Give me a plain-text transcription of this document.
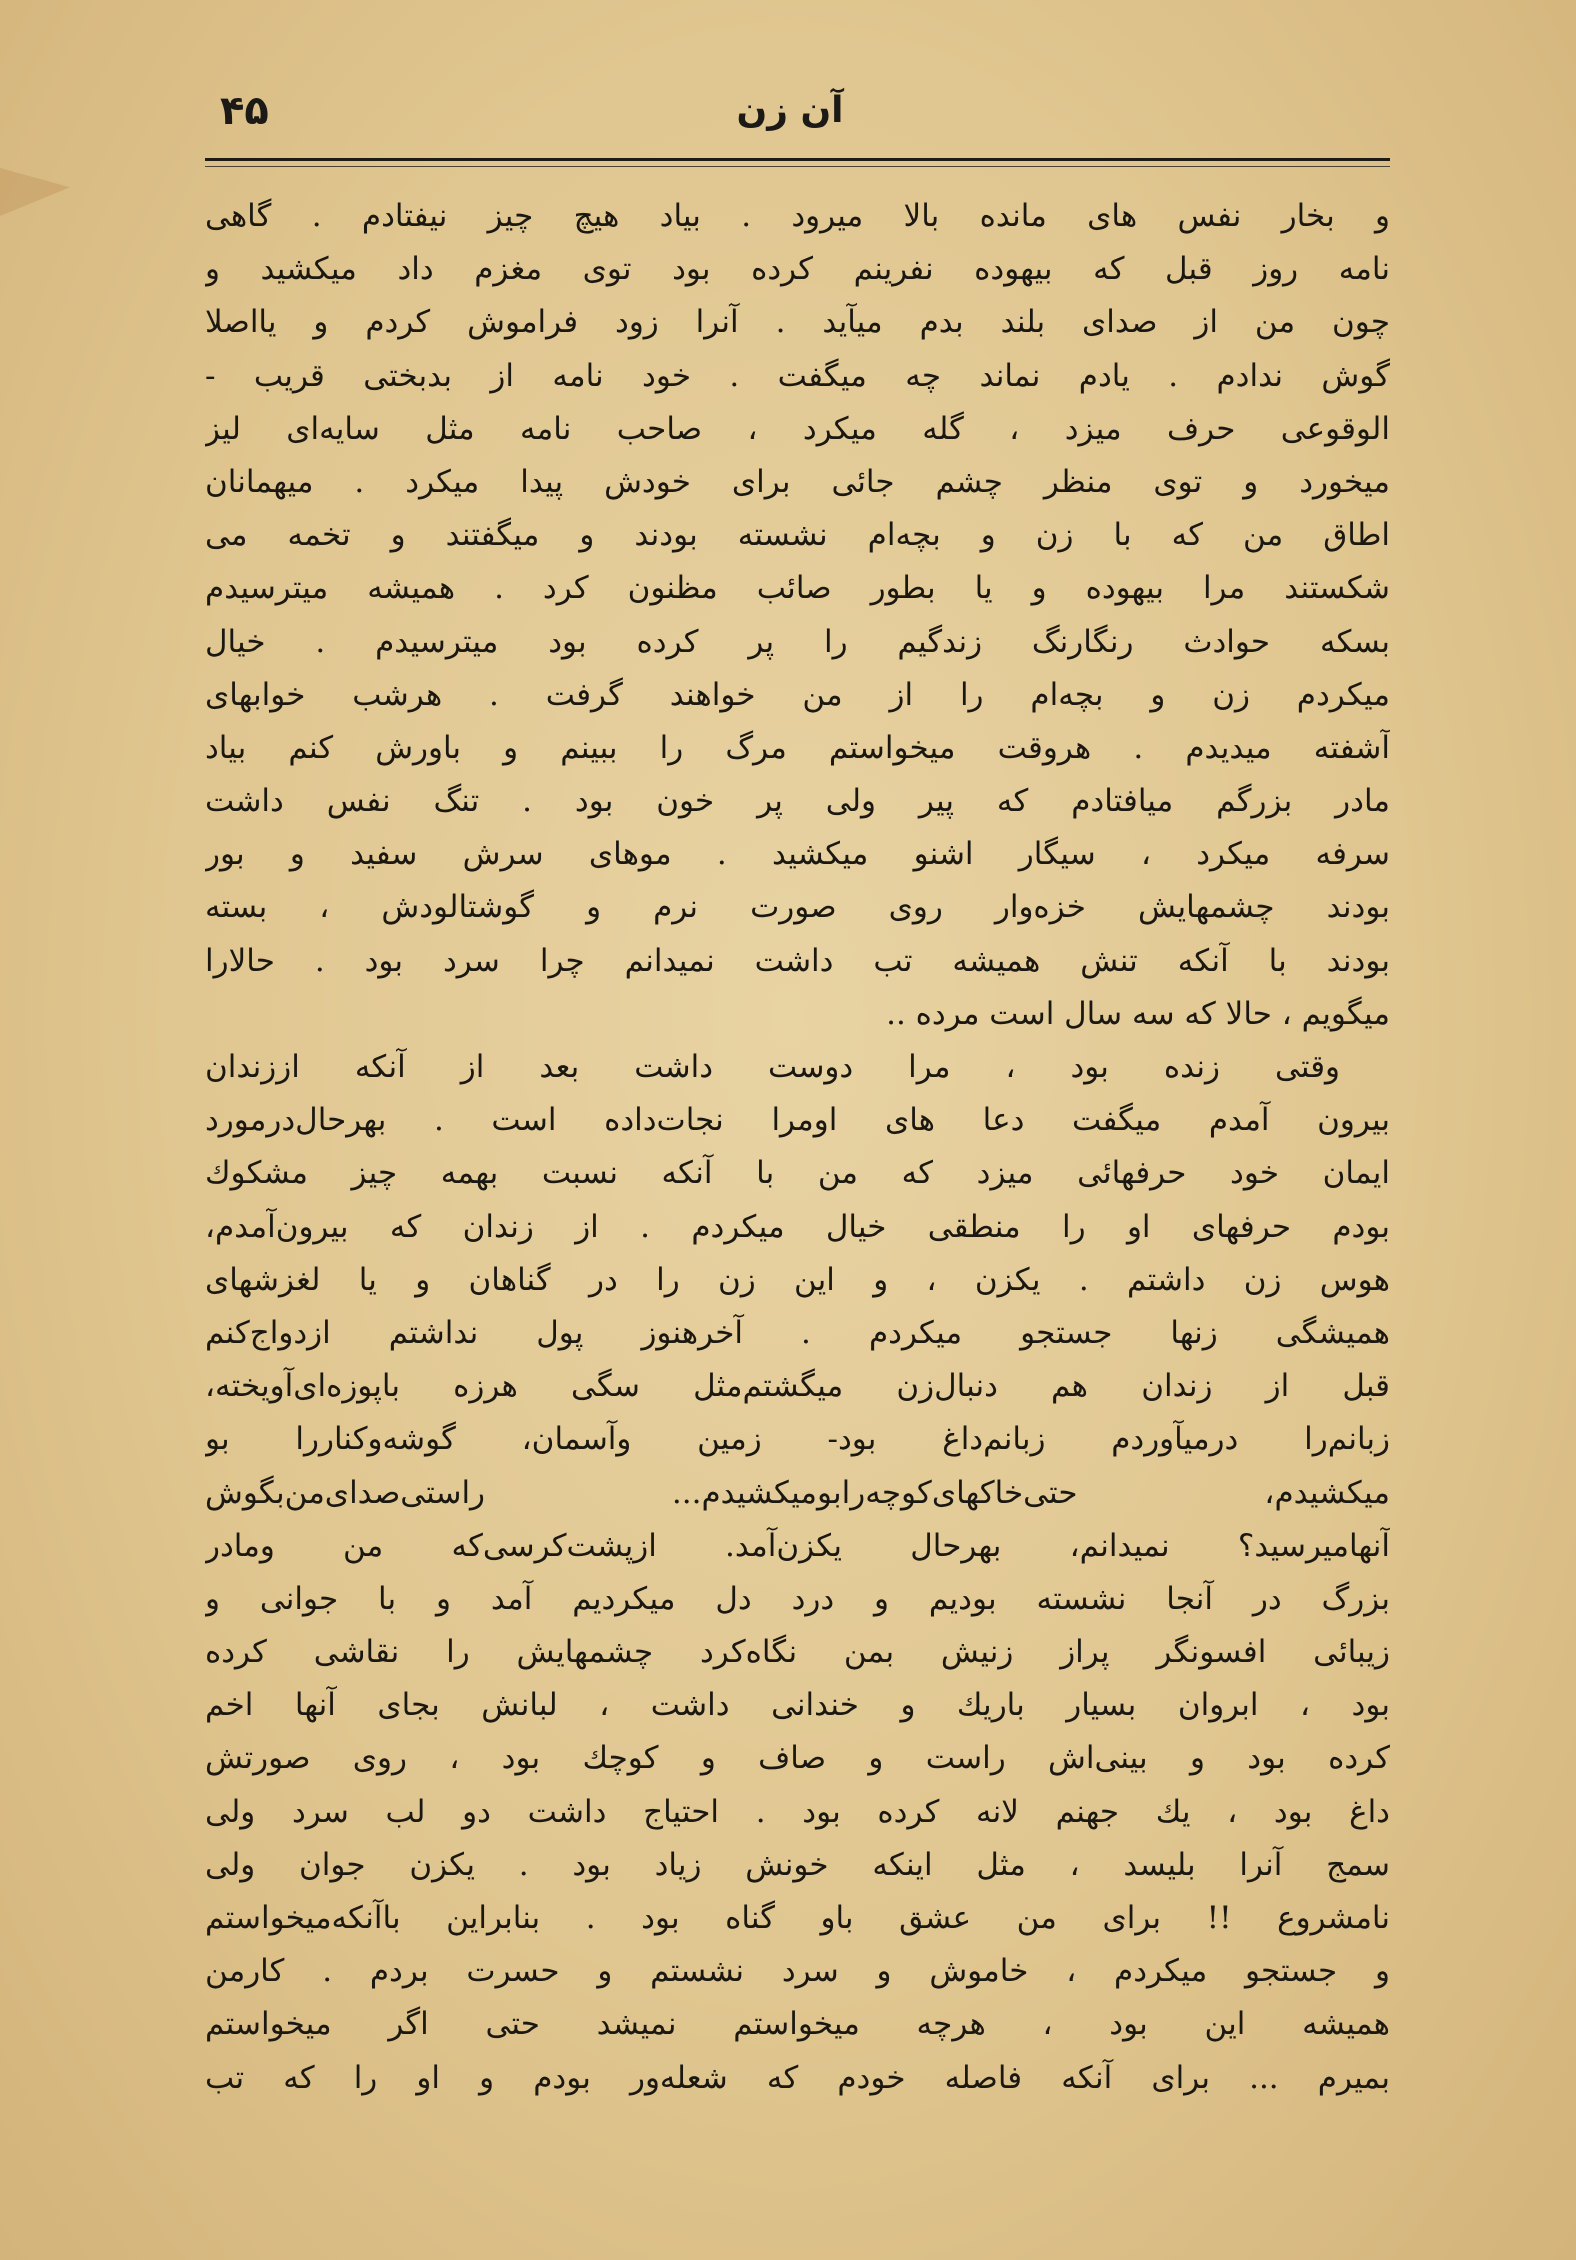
۴۵	آن زن
و بخار نفس های مانده بالا میرود . بیاد هیچ چیز نیفتادم . گاهی
نامه روز قبل که بیهوده نفرینم کرده بود توی مغزم داد میکشید و
چون من از صدای بلند بدم میآید . آنرا زود فراموش کردم و یااصلا
گوش ندادم . یادم نماند چه میگفت . خود نامه از بدبختی قریب -
الوقوعی حرف میزد ، گله میکرد ، صاحب نامه مثل سایه‌ای لیز
میخورد و توی منظر چشم جائی برای خودش پیدا میکرد . میهمانان
اطاق من که با زن و بچه‌ام نشسته بودند و میگفتند و تخمه می
شکستند مرا بیهوده و یا بطور صائب مظنون کرد . همیشه میترسیدم
بسکه حوادث رنگارنگ زندگیم را پر کرده بود میترسیدم . خیال
میکردم زن و بچه‌ام را از من خواهند گرفت . هرشب خوابهای
آشفته میدیدم . هروقت میخواستم مرگ را ببینم و باورش کنم بیاد
مادر بزرگم میافتادم که پیر ولی پر خون بود . تنگ نفس داشت
سرفه میکرد ، سیگار اشنو میکشید . موهای سرش سفید و بور
بودند چشمهایش خزه‌وار روی صورت نرم و گوشتالودش ، بسته
بودند با آنکه تنش همیشه تب داشت نمیدانم چرا سرد بود . حالارا
میگویم ، حالا که سه سال است مرده ..
وقتی زنده بود ، مرا دوست داشت بعد از آنکه اززندان
بیرون آمدم میگفت دعا های اومرا نجات‌داده است . بهرحال‌درمورد
ایمان خود حرفهائی میزد که من با آنکه نسبت بهمه چیز مشکوك
بودم حرفهای او را منطقی خیال میکردم . از زندان که بیرون‌آمدم،
هوس زن داشتم . یکزن ، و این زن را در گناهان و یا لغزشهای
همیشگی زنها جستجو میکردم . آخرهنوز پول نداشتم ازدواج‌کنم
قبل از زندان هم دنبال‌زن میگشتم‌مثل سگی هرزه باپوزه‌ای‌آویخته،
زبانم‌را درمیآوردم زبانم‌داغ بود- زمین وآسمان، گوشه‌وکناررا بو
میکشیدم، حتی‌خاکهای‌کوچه‌رابومیکشیدم... راستی‌صدای‌من‌بگوش
آنهامیرسید؟ نمیدانم، بهرحال یکزن‌آمد. ازپشت‌کرسی‌که من ومادر
بزرگ در آنجا نشسته بودیم و درد دل میکردیم آمد و با جوانی و
زیبائی افسونگر پراز زنیش بمن نگاه‌کرد چشمهایش را نقاشی کرده
بود ، ابروان بسیار باریك و خندانی داشت ، لبانش بجای آنها اخم
کرده بود و بینی‌اش راست و صاف و کوچك بود ، روی صورتش
داغ بود ، يك جهنم لانه کرده بود . احتیاج داشت دو لب سرد ولی
سمج آنرا بلیسد ، مثل اینکه خونش زیاد بود . یکزن جوان ولی
نامشروع !! برای من عشق باو گناه بود . بنابراین باآنکه‌میخواستم
و جستجو میکردم ، خاموش و سرد نشستم و حسرت بردم . کارمن
همیشه این بود ، هرچه میخواستم نمیشد حتی اگر میخواستم
بمیرم ... برای آنکه فاصله خودم که شعله‌ور بودم و او را که تب
